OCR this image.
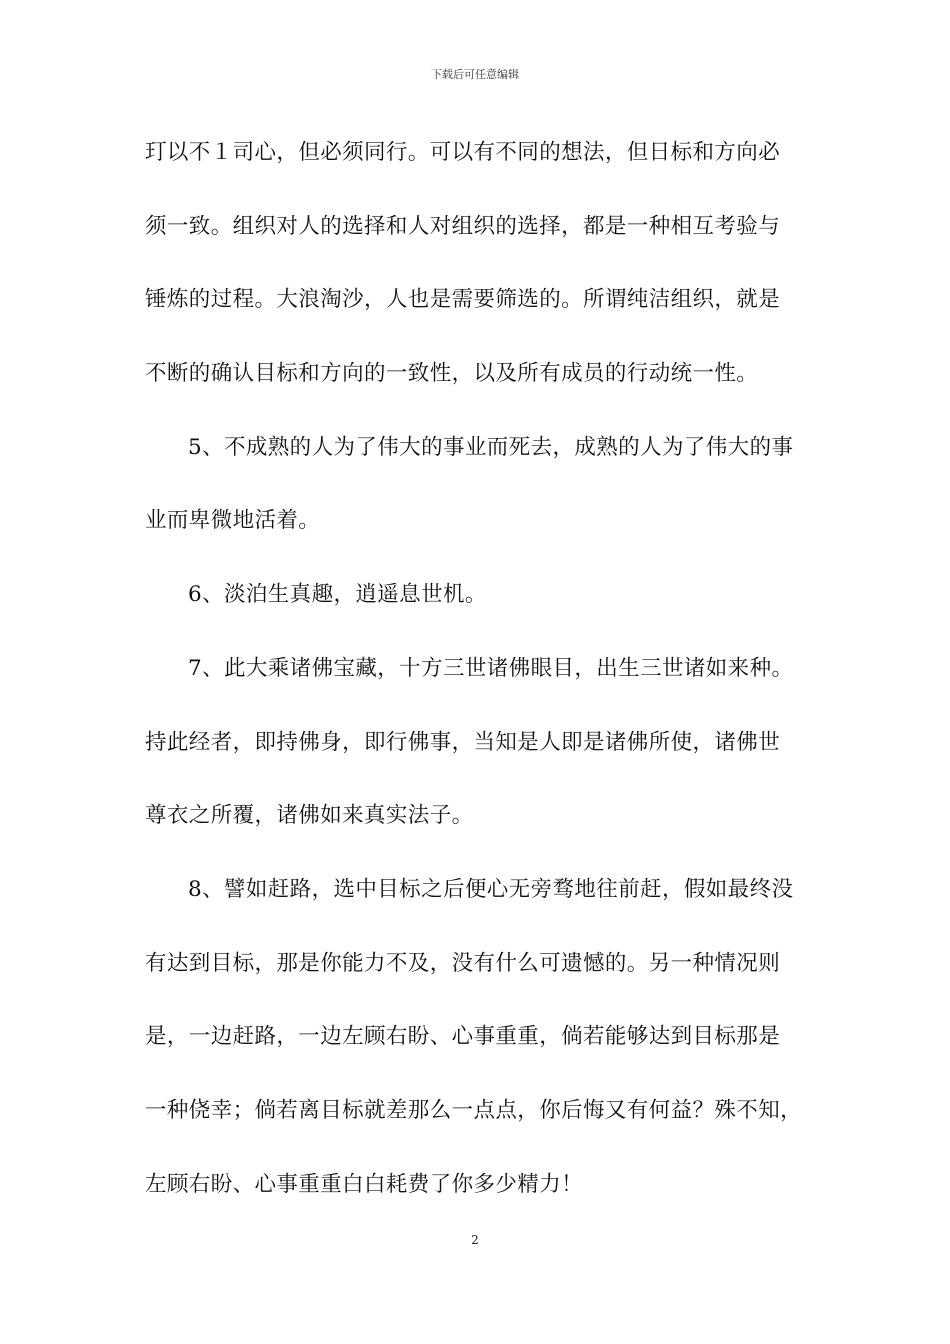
下载后可任意编辑
玎以不１司心，但必须同行。可以有不同的想法，但日标和方向必
须一致。组织对人的选择和人对组织的选择，都是一种相互考验与
锤炼的过程。大浪淘沙，人也是需要筛选的。所谓纯洁组织，就是
不断的确认目标和方向的一致性，以及所有成员的行动统一性。
5、不成熟的人为了伟大的事业而死去，成熟的人为了伟大的事
业而卑微地活着。
6、淡泊生真趣，逍遥息世机。
7、此大乘诸佛宝藏，十方三世诸佛眼目，出生三世诸如来种。
持此经者，即持佛身，即行佛事，当知是人即是诸佛所使，诸佛世
尊衣之所覆，诸佛如来真实法子。
8、譬如赶路，选中目标之后便心无旁骛地往前赶，假如最终没
有达到目标，那是你能力不及，没有什么可遗憾的。另一种情况则
是，一边赶路，一边左顾右盼、心事重重，倘若能够达到目标那是
一种侥幸；倘若离目标就差那么一点点，你后悔又有何益？殊不知，
左顾右盼、心事重重白白耗费了你多少精力！
2
